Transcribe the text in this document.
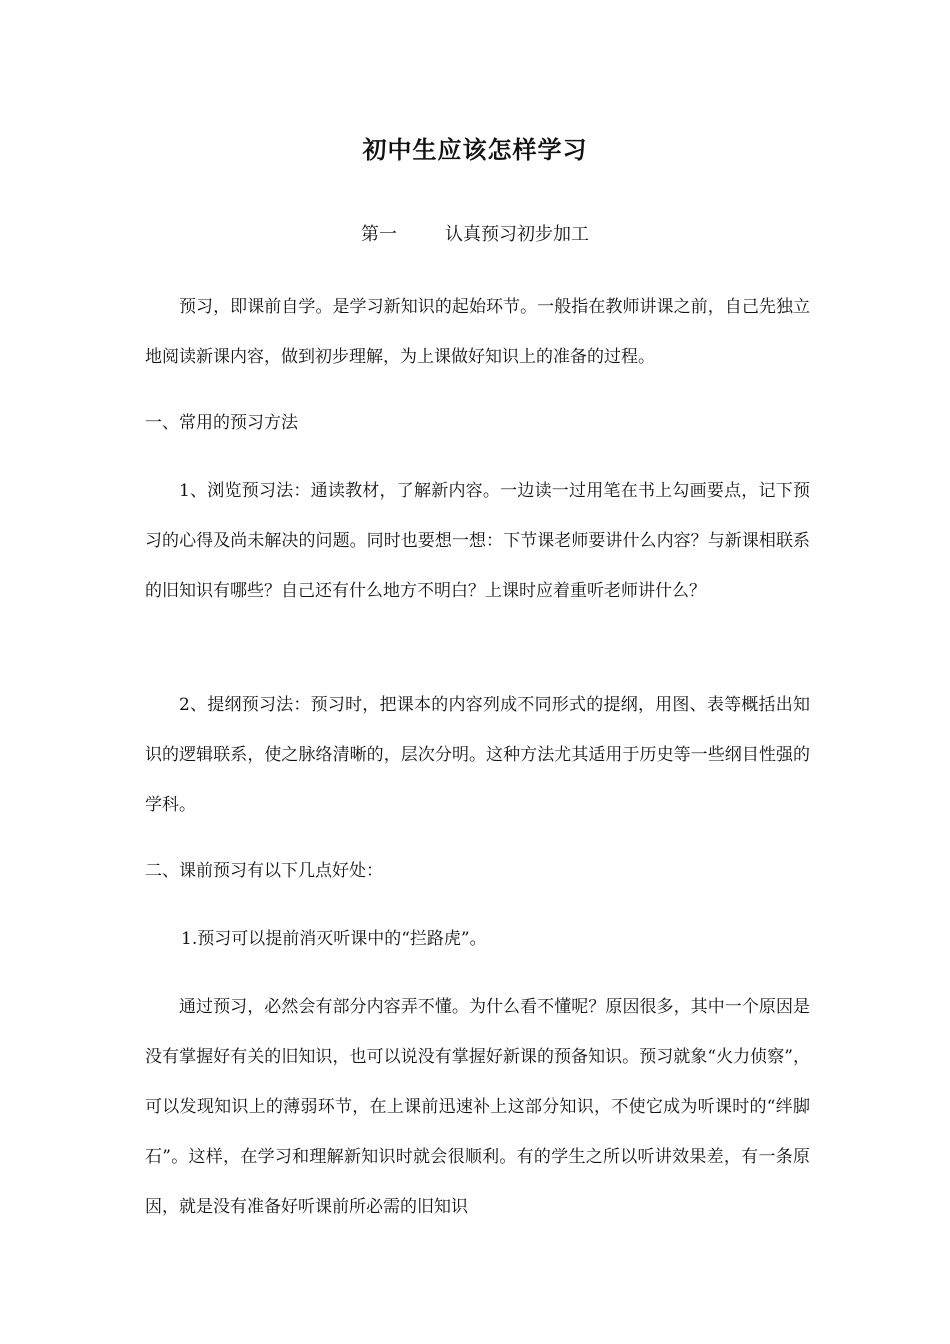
初中生应该怎样学习
第一	认真预习初步加工

预习，即课前自学。是学习新知识的起始环节。一般指在教师讲课之前，自己先独立地阅读新课内容，做到初步理解，为上课做好知识上的准备的过程。

一、常用的预习方法

1、浏览预习法：通读教材，了解新内容。一边读一过用笔在书上勾画要点，记下预习的心得及尚未解决的问题。同时也要想一想：下节课老师要讲什么内容？与新课相联系的旧知识有哪些？自己还有什么地方不明白？上课时应着重听老师讲什么？

2、提纲预习法：预习时，把课本的内容列成不同形式的提纲，用图、表等概括出知识的逻辑联系，使之脉络清晰的，层次分明。这种方法尤其适用于历史等一些纲目性强的学科。

二、课前预习有以下几点好处：

1.预习可以提前消灭听课中的“拦路虎”。

通过预习，必然会有部分内容弄不懂。为什么看不懂呢？原因很多，其中一个原因是没有掌握好有关的旧知识，也可以说没有掌握好新课的预备知识。预习就象“火力侦察”，可以发现知识上的薄弱环节，在上课前迅速补上这部分知识，不使它成为听课时的“绊脚石”。这样，在学习和理解新知识时就会很顺利。有的学生之所以听讲效果差，有一条原因，就是没有准备好听课前所必需的旧知识
